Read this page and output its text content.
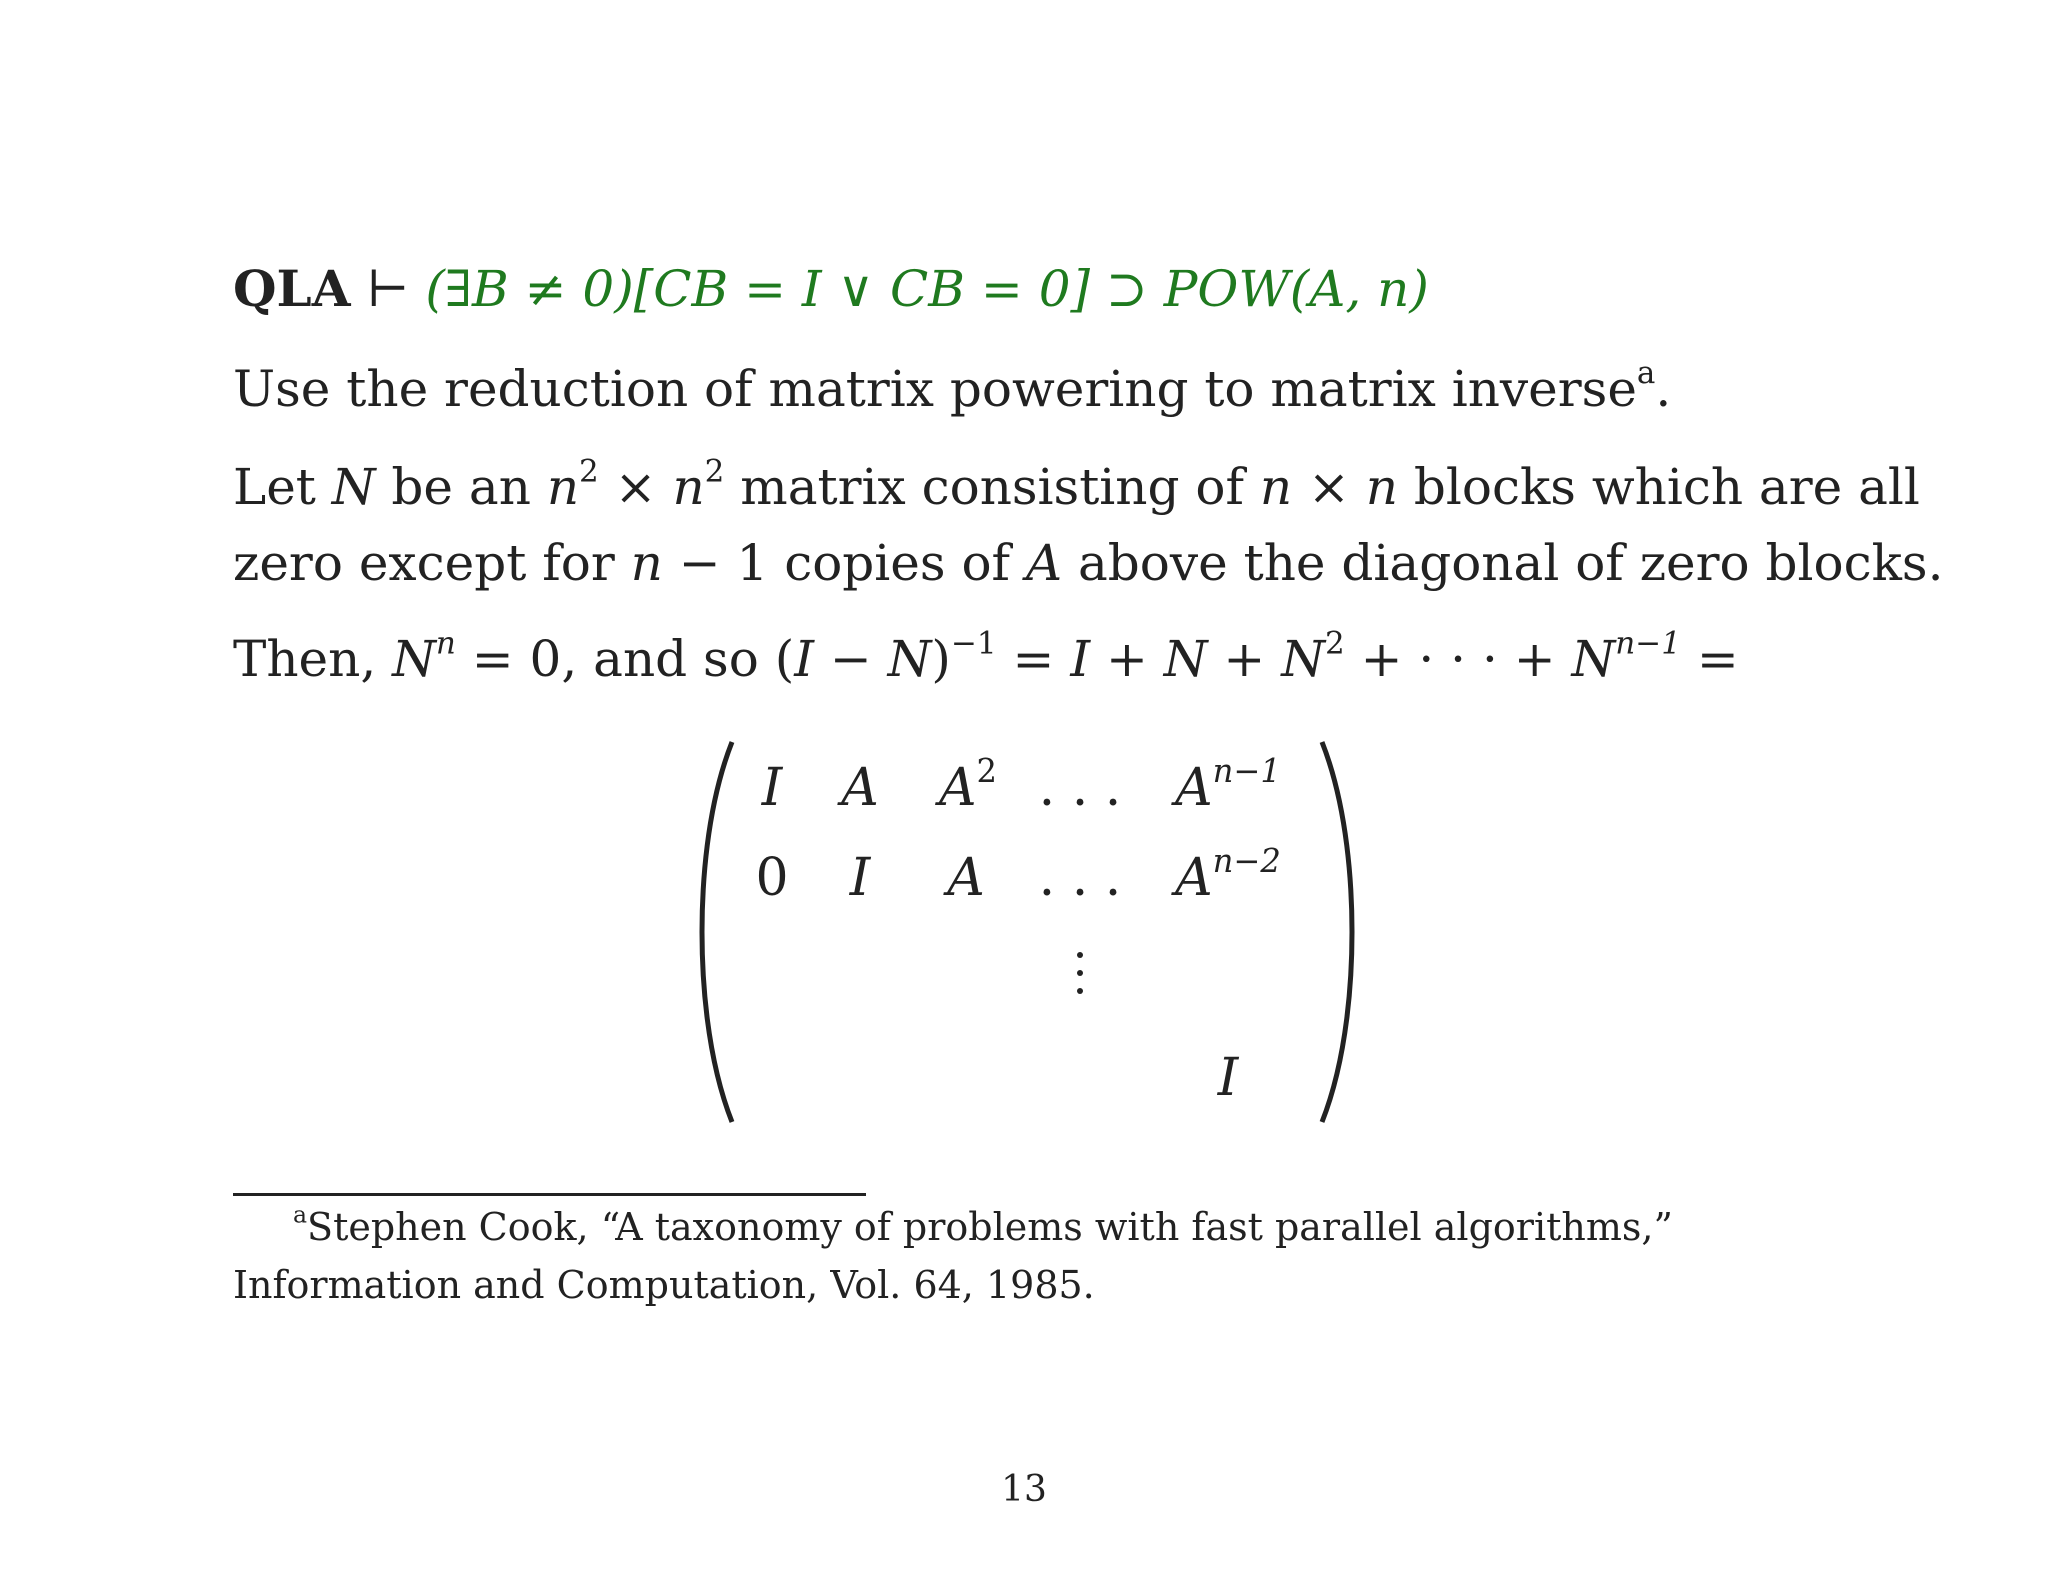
QLA ⊢ (∃B ≠ 0)[CB = I ∨ CB = 0] ⊃ POW(A, n)
Use the reduction of matrix powering to matrix inverse$^a$.
Let N be an $n^2 \times n^2$ matrix consisting of n × n blocks which are all
zero except for n − 1 copies of A above the diagonal of zero blocks.
Then, $N^n = 0$, and so $(I - N)^{-1} = I + N + N^2$ + · · · + $N^{n-1}$ =
I A $A^2$ . . . $A^{n-1}$
0 I A . . . $A^{n-2}$
I
$^a$Stephen Cook, “A taxonomy of problems with fast parallel algorithms,”
Information and Computation, Vol. 64, 1985.
13
